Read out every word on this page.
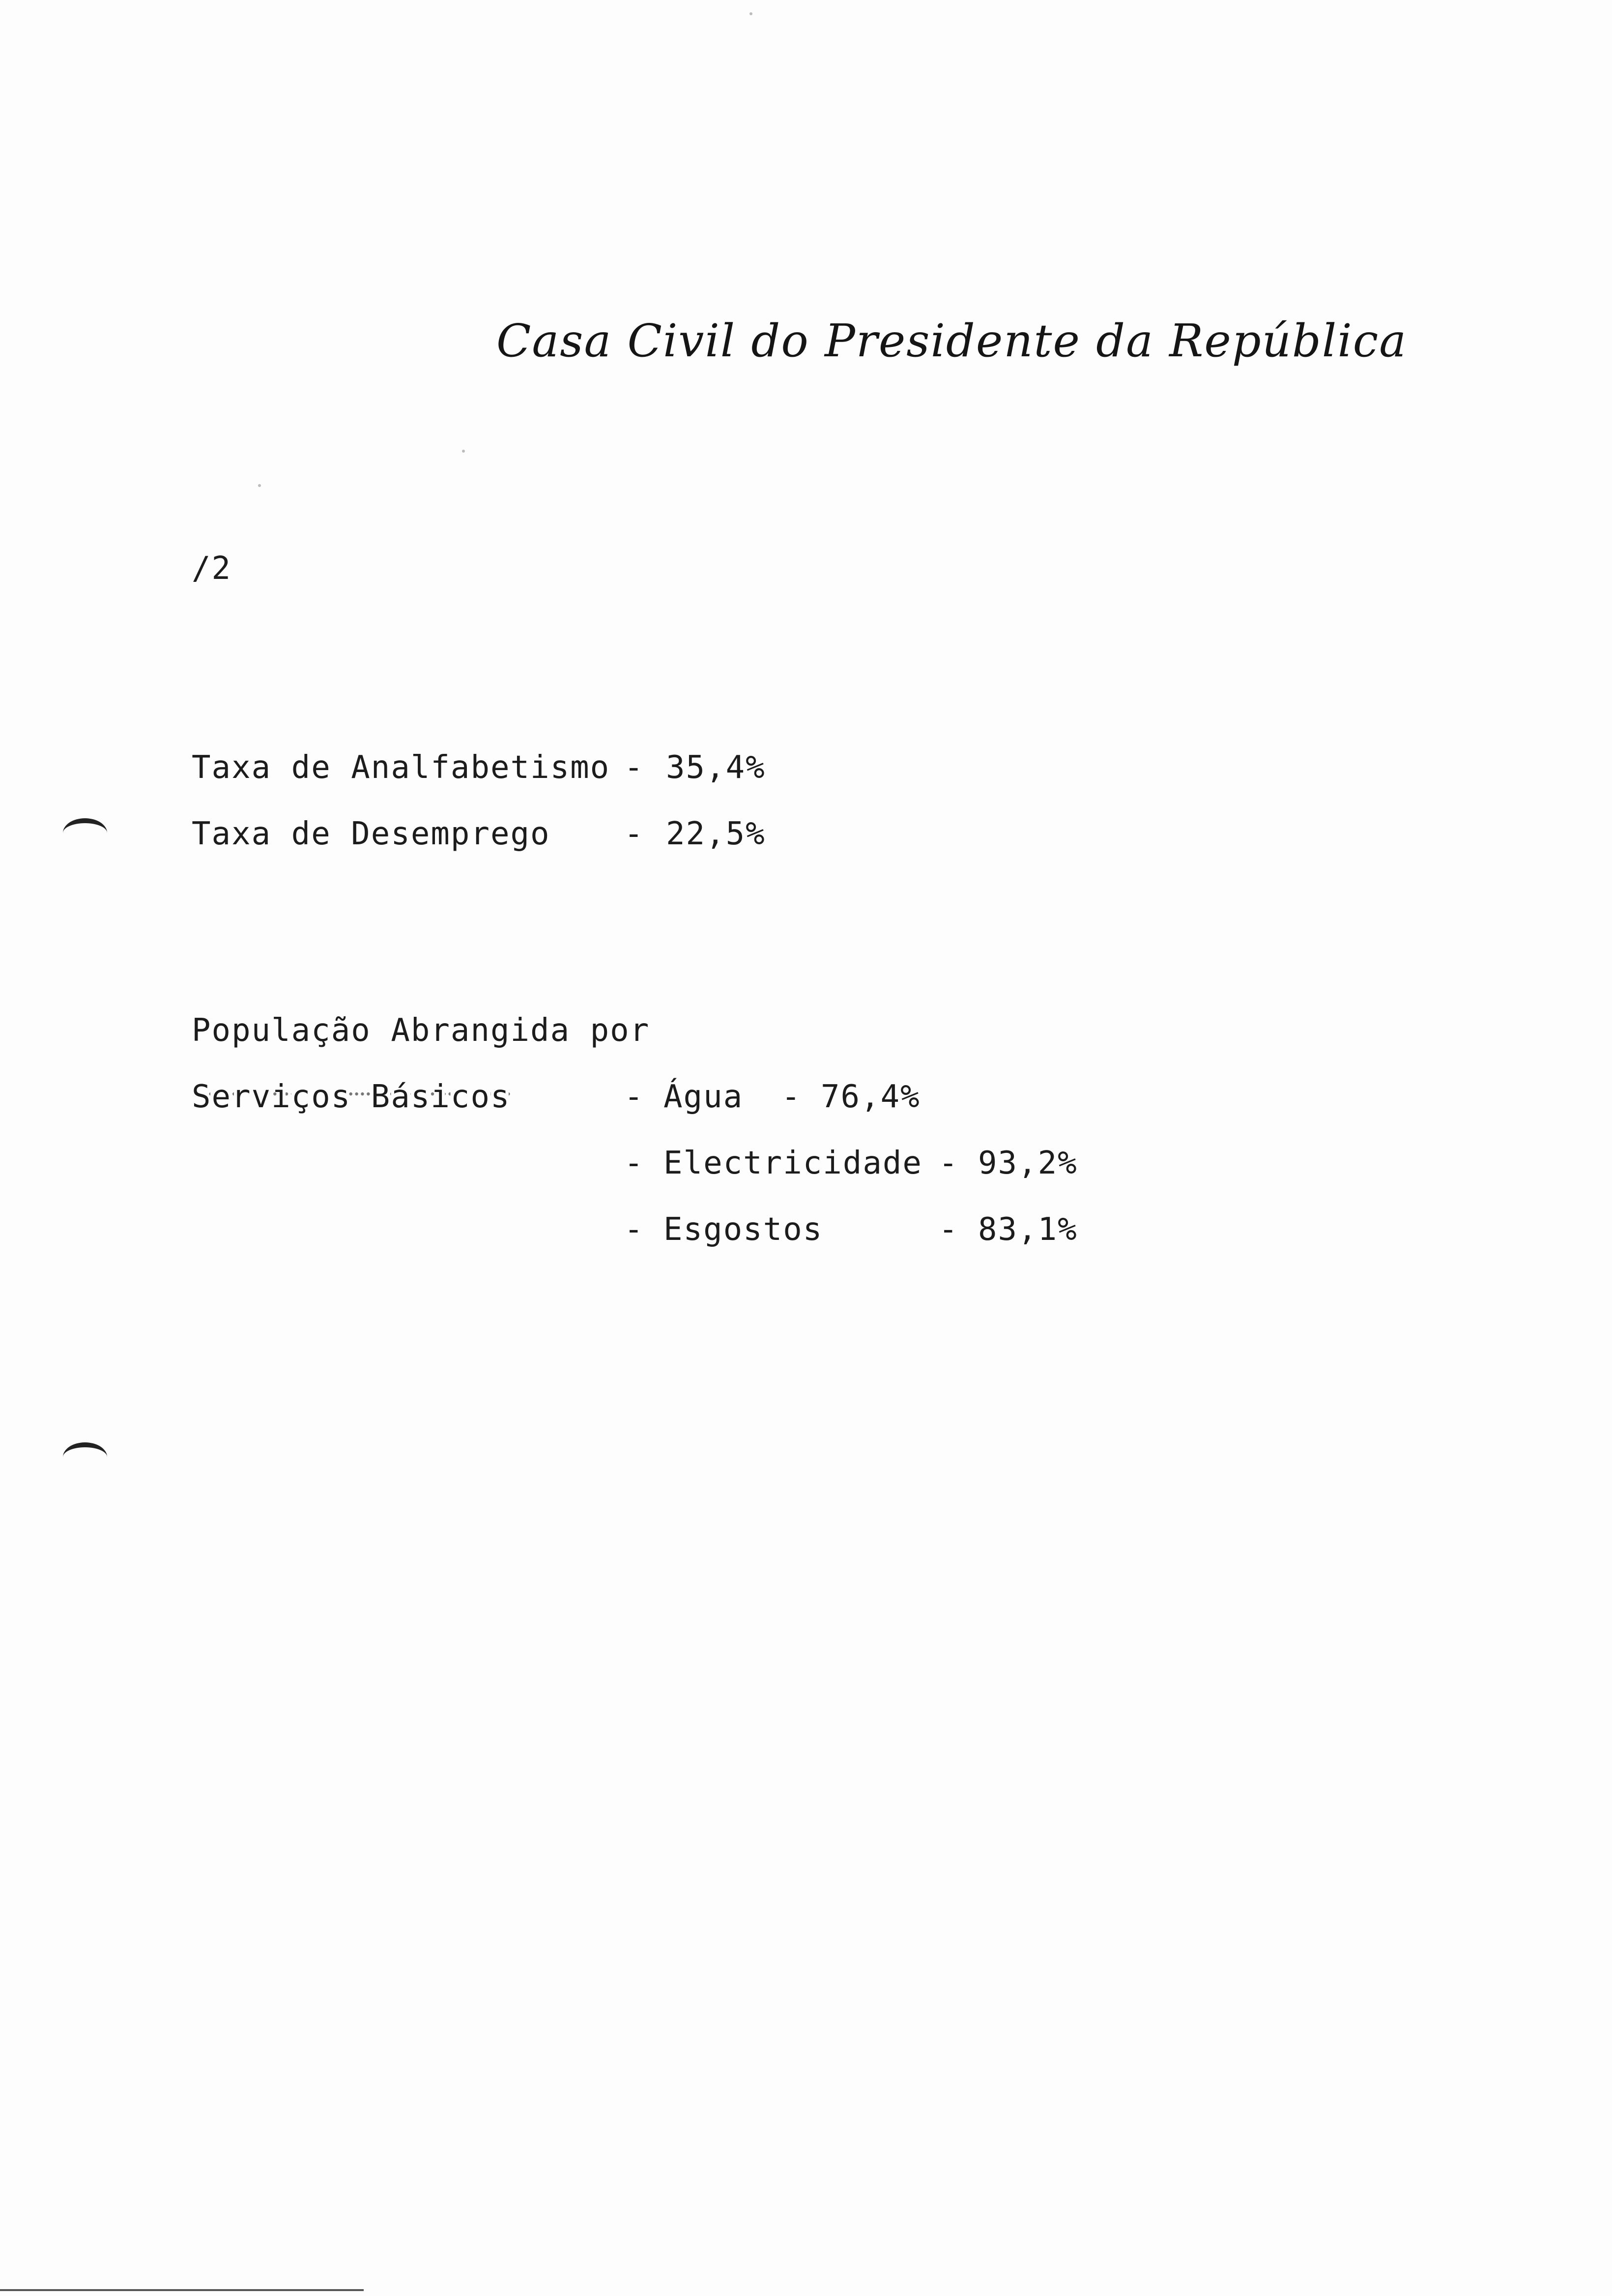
Casa Civil do Presidente da República
/2

Taxa de Analfabetismo

-

35,4%

Taxa de Desemprego

-

22,5%

População Abrangida por
Serviços Básicos

	-

Água

-

76,4%

-

Electricidade

-

93,2%

-

Esgostos

	-

83,1%
